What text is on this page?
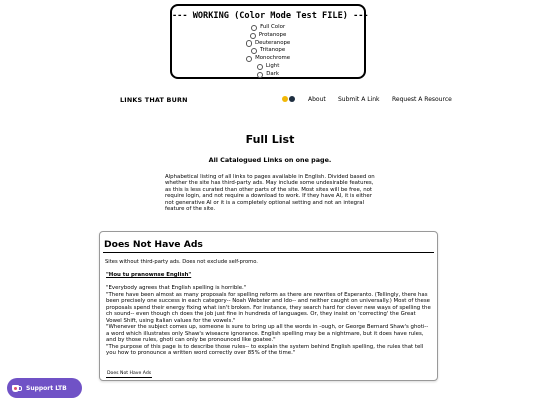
--- WORKING (Color Mode Test FILE) ---
Full Color
Protanope
Deuteranope
Tritanope
Monochrome
Light
Dark
LINKS THAT BURN	About Submit A Link Request A Resource
Full List
All Catalogued Links on one page.
Alphabetical listing of all links to pages available in English. Divided based on whether the site has third-party ads. May include some undesirable features, as this is less curated than other parts of the site. Most sites will be free, not require login, and not require a download to work. If they have AI, it is either not generative AI or it is a completely optional setting and not an integral feature of the site.
Does Not Have Ads
Sites without third-party ads. Does not exclude self-promo.
"Hou tu pranownse English"
"Everybody agrees that English spelling is horrible."
"There have been almost as many proposals for spelling reform as there are rewrites of Esperanto. (Tellingly, there has been precisely one success in each category-- Noah Webster and Ido-- and neither caught on universally.) Most of these proposals spend their energy fixing what isn't broken. For instance, they search hard for clever new ways of spelling the ch sound-- even though ch does the job just fine in hundreds of languages. Or, they insist on 'correcting' the Great Vowel Shift, using Italian values for the vowels."
"Whenever the subject comes up, someone is sure to bring up all the words in -ough, or George Bernard Shaw's ghoti-- a word which illustrates only Shaw's wiseacre ignorance. English spelling may be a nightmare, but it does have rules, and by those rules, ghoti can only be pronounced like goatee."
"The purpose of this page is to describe those rules-- to explain the system behind English spelling, the rules that tell you how to pronounce a written word correctly over 85% of the time."
Does Not Have Ads
Support LTB
